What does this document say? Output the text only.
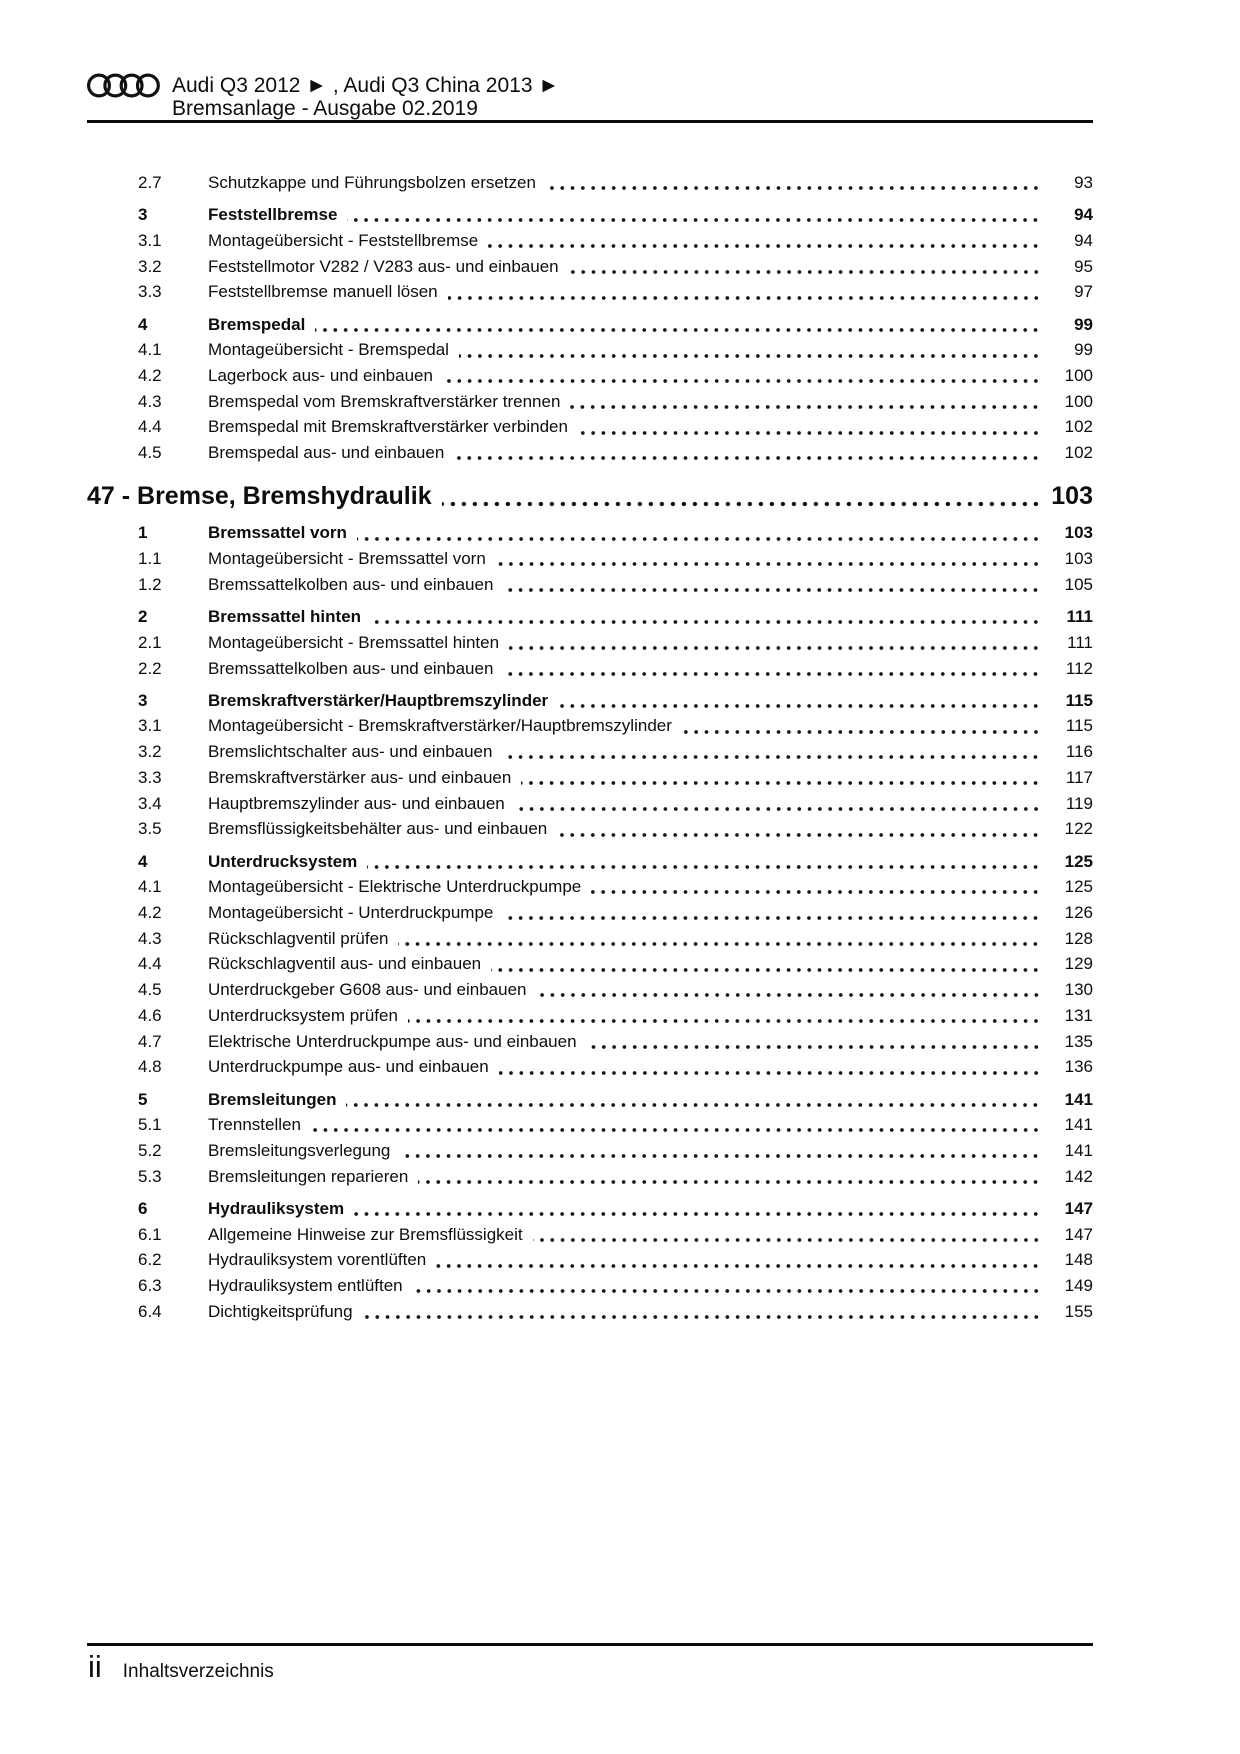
Audi Q3 2012 ► , Audi Q3 China 2013 ►
Bremsanlage - Ausgabe 02.2019
2.7	Schutzkappe und Führungsbolzen ersetzen	93
3	Feststellbremse	94
3.1	Montageübersicht - Feststellbremse	94
3.2	Feststellmotor V282 / V283 aus- und einbauen	95
3.3	Feststellbremse manuell lösen	97
4	Bremspedal	99
4.1	Montageübersicht - Bremspedal	99
4.2	Lagerbock aus- und einbauen	100
4.3	Bremspedal vom Bremskraftverstärker trennen	100
4.4	Bremspedal mit Bremskraftverstärker verbinden	102
4.5	Bremspedal aus- und einbauen	102
47 - Bremse, Bremshydraulik	103
1	Bremssattel vorn	103
1.1	Montageübersicht - Bremssattel vorn	103
1.2	Bremssattelkolben aus- und einbauen	105
2	Bremssattel hinten	111
2.1	Montageübersicht - Bremssattel hinten	111
2.2	Bremssattelkolben aus- und einbauen	112
3	Bremskraftverstärker/Hauptbremszylinder	115
3.1	Montageübersicht - Bremskraftverstärker/Hauptbremszylinder	115
3.2	Bremslichtschalter aus- und einbauen	116
3.3	Bremskraftverstärker aus- und einbauen	117
3.4	Hauptbremszylinder aus- und einbauen	119
3.5	Bremsflüssigkeitsbehälter aus- und einbauen	122
4	Unterdrucksystem	125
4.1	Montageübersicht - Elektrische Unterdruckpumpe	125
4.2	Montageübersicht - Unterdruckpumpe	126
4.3	Rückschlagventil prüfen	128
4.4	Rückschlagventil aus- und einbauen	129
4.5	Unterdruckgeber G608 aus- und einbauen	130
4.6	Unterdrucksystem prüfen	131
4.7	Elektrische Unterdruckpumpe aus- und einbauen	135
4.8	Unterdruckpumpe aus- und einbauen	136
5	Bremsleitungen	141
5.1	Trennstellen	141
5.2	Bremsleitungsverlegung	141
5.3	Bremsleitungen reparieren	142
6	Hydrauliksystem	147
6.1	Allgemeine Hinweise zur Bremsflüssigkeit	147
6.2	Hydrauliksystem vorentlüften	148
6.3	Hydrauliksystem entlüften	149
6.4	Dichtigkeitsprüfung	155
ii Inhaltsverzeichnis
